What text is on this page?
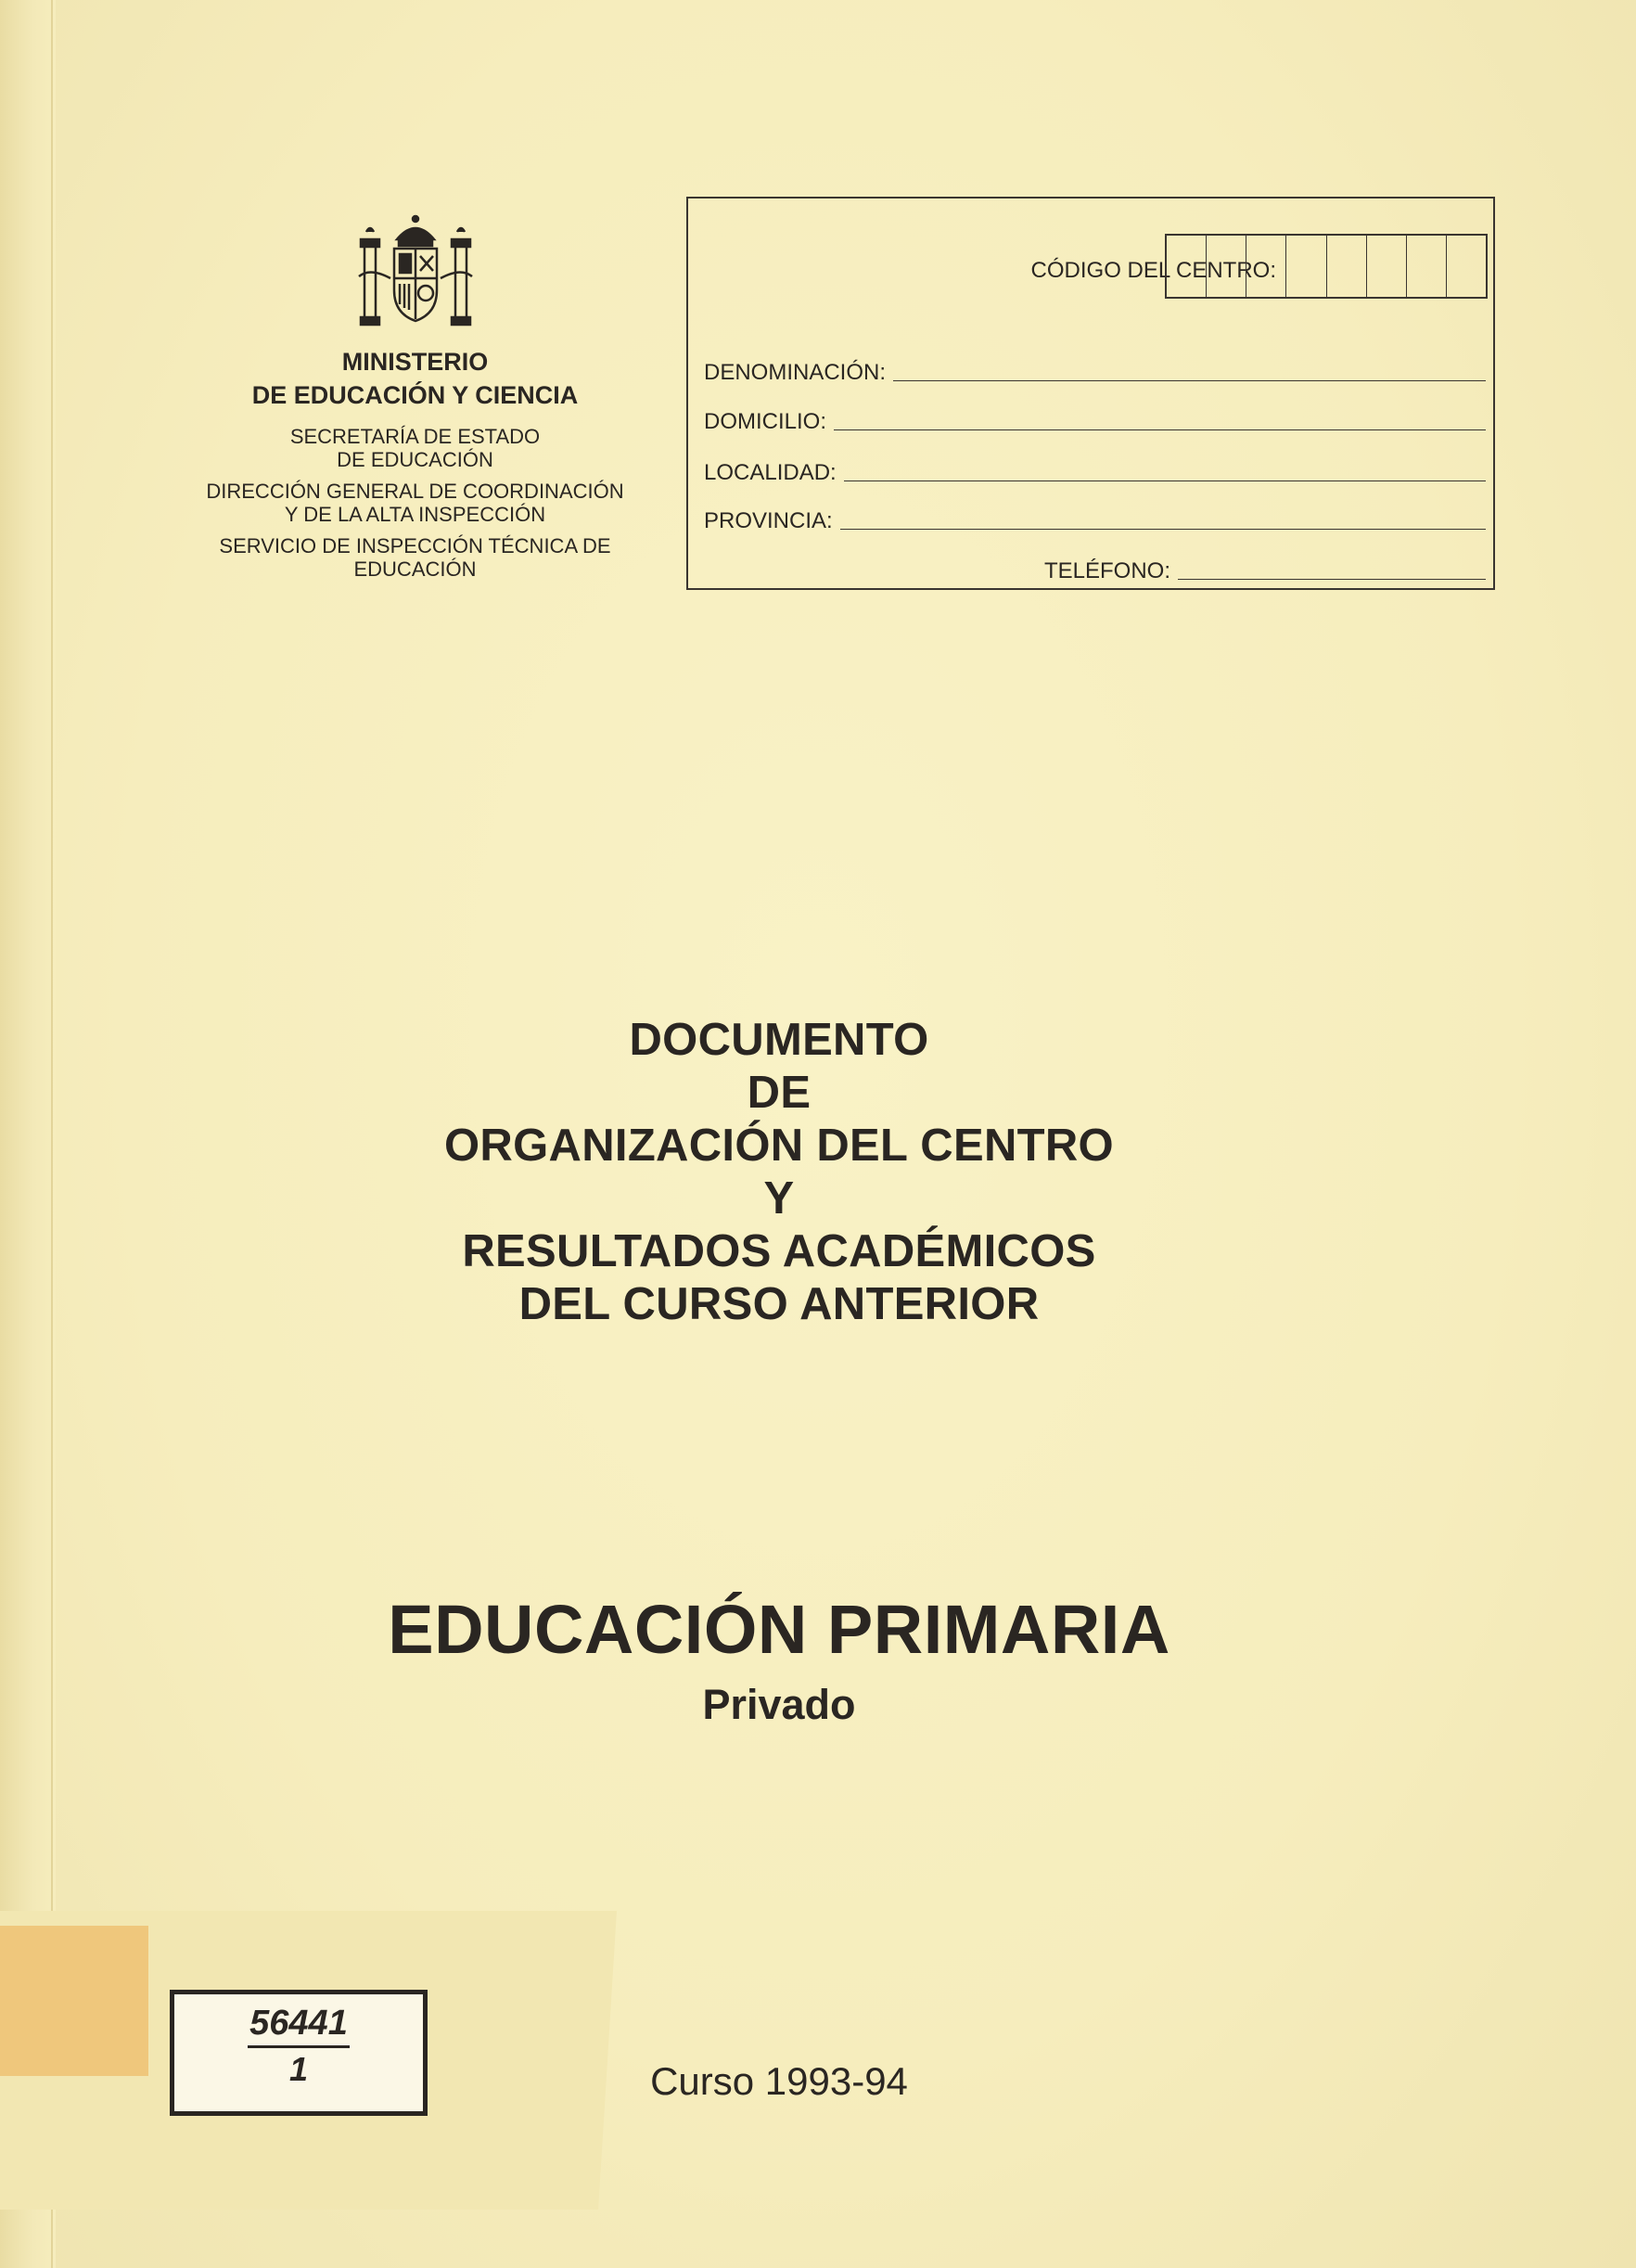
MINISTERIO
DE EDUCACIÓN Y CIENCIA
SECRETARÍA DE ESTADO
DE EDUCACIÓN
DIRECCIÓN GENERAL DE COORDINACIÓN
Y DE LA ALTA INSPECCIÓN
SERVICIO DE INSPECCIÓN TÉCNICA DE
EDUCACIÓN
CÓDIGO DEL CENTRO:
DENOMINACIÓN:
DOMICILIO:
LOCALIDAD:
PROVINCIA:
TELÉFONO:
DOCUMENTO
DE
ORGANIZACIÓN DEL CENTRO
Y
RESULTADOS ACADÉMICOS
DEL CURSO ANTERIOR
EDUCACIÓN PRIMARIA
Privado
Curso 1993-94
56441
1
